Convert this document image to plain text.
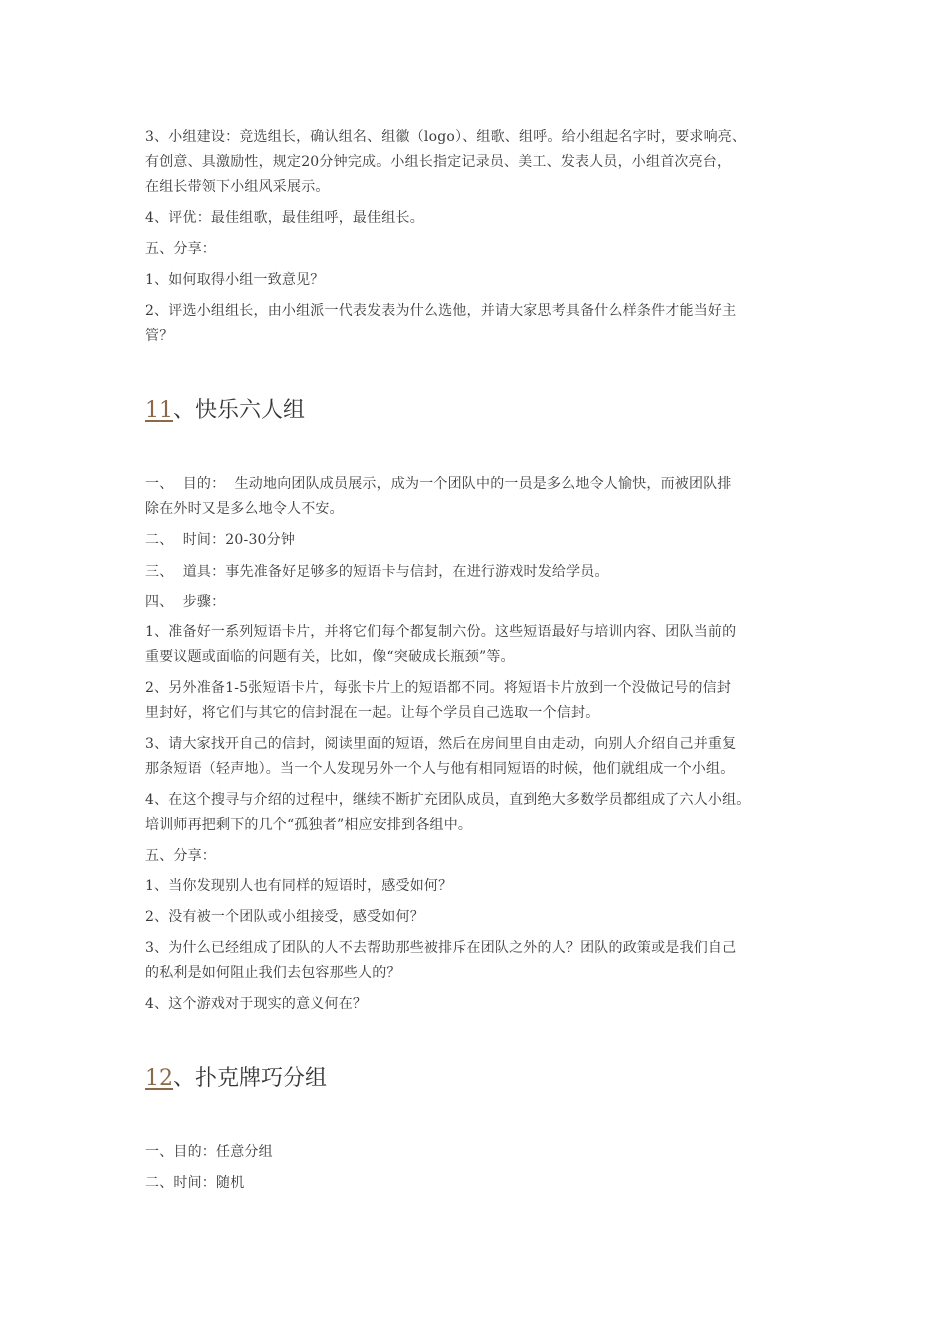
3、小组建设：竞选组长，确认组名、组徽（logo）、组歌、组呼。给小组起名字时，要求响亮、
有创意、具激励性，规定20分钟完成。小组长指定记录员、美工、发表人员，小组首次亮台，
在组长带领下小组风采展示。
4、评优：最佳组歌，最佳组呼，最佳组长。
五、分享：
1、如何取得小组一致意见？
2、评选小组组长，由小组派一代表发表为什么选他，并请大家思考具备什么样条件才能当好主
管？
11、快乐六人组
一、  目的：  生动地向团队成员展示，成为一个团队中的一员是多么地令人愉快，而被团队排
除在外时又是多么地令人不安。
二、  时间：20-30分钟
三、  道具：事先准备好足够多的短语卡与信封，在进行游戏时发给学员。
四、  步骤：
1、准备好一系列短语卡片，并将它们每个都复制六份。这些短语最好与培训内容、团队当前的
重要议题或面临的问题有关，比如，像“突破成长瓶颈”等。
2、另外准备1-5张短语卡片，每张卡片上的短语都不同。将短语卡片放到一个没做记号的信封
里封好，将它们与其它的信封混在一起。让每个学员自己选取一个信封。
3、请大家找开自己的信封，阅读里面的短语，然后在房间里自由走动，向别人介绍自己并重复
那条短语（轻声地）。当一个人发现另外一个人与他有相同短语的时候，他们就组成一个小组。
4、在这个搜寻与介绍的过程中，继续不断扩充团队成员，直到绝大多数学员都组成了六人小组。
培训师再把剩下的几个“孤独者”相应安排到各组中。
五、分享：
1、当你发现别人也有同样的短语时，感受如何？
2、没有被一个团队或小组接受，感受如何？
3、为什么已经组成了团队的人不去帮助那些被排斥在团队之外的人？团队的政策或是我们自己
的私利是如何阻止我们去包容那些人的？
4、这个游戏对于现实的意义何在？
12、扑克牌巧分组
一、目的：任意分组
二、时间：随机
